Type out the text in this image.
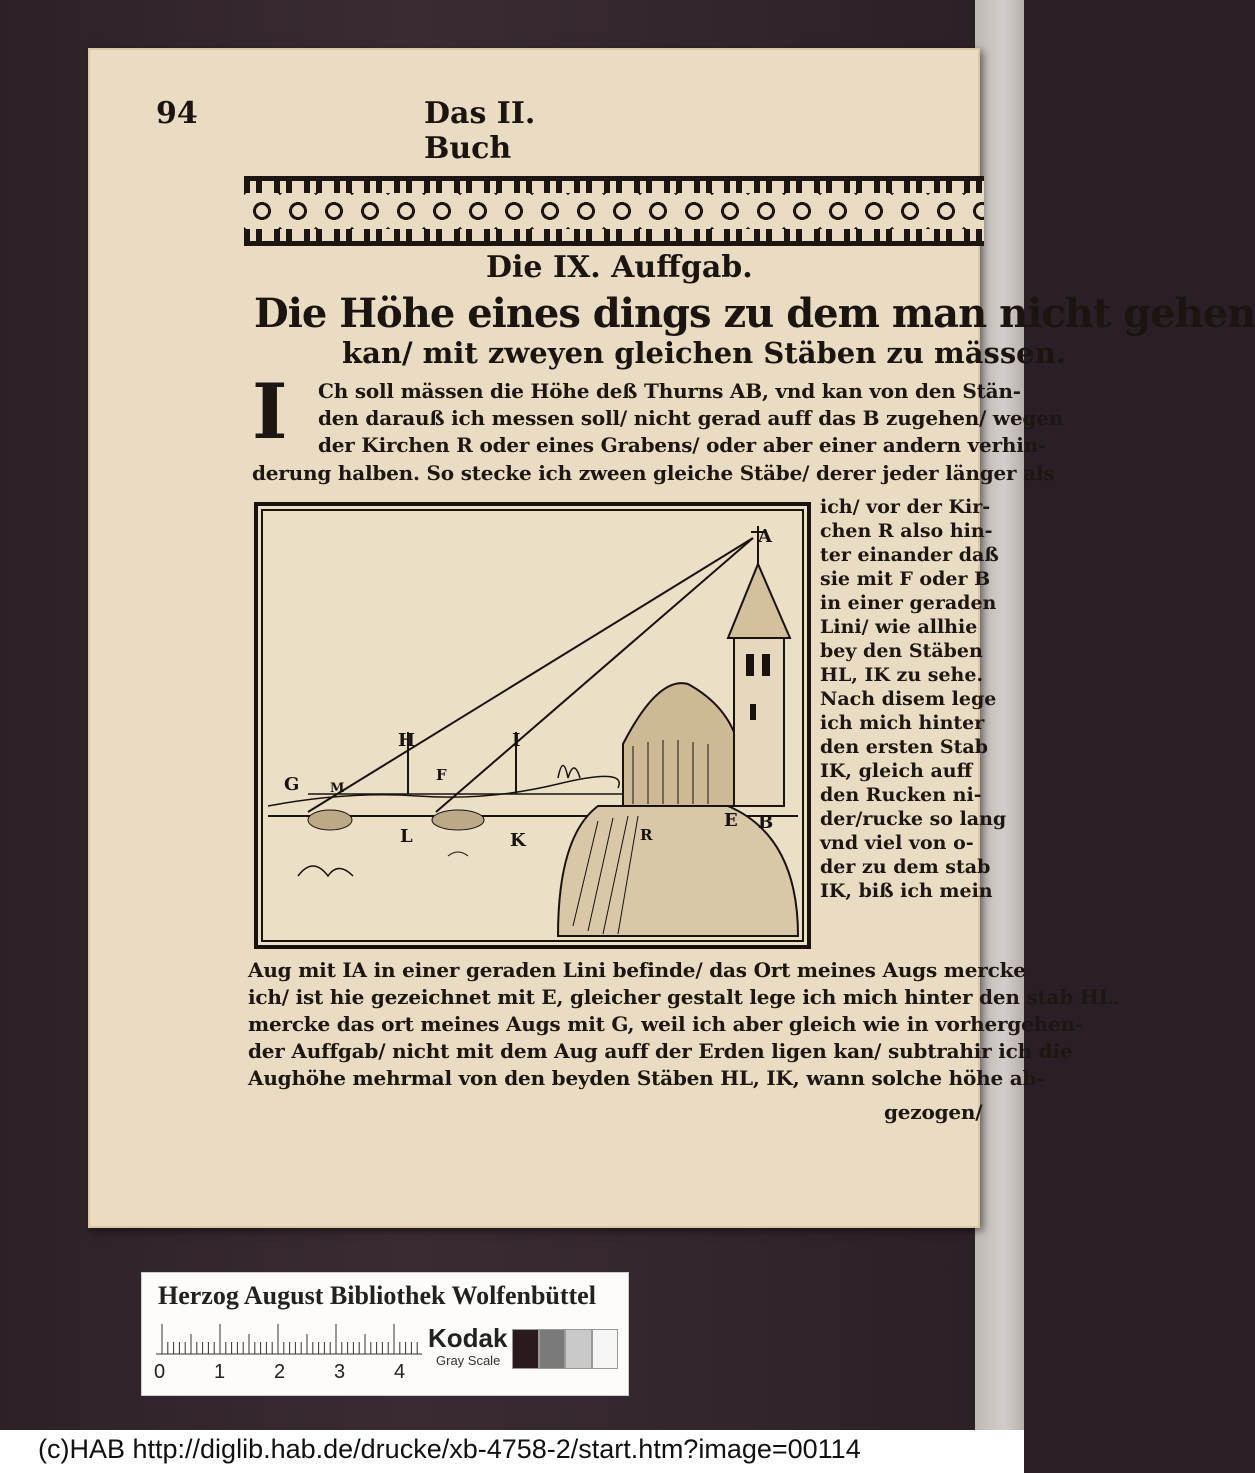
94	Das II. Buch
Die IX. Auffgab.
Die Höhe eines dings zu dem man nicht gehen
kan/ mit zweyen gleichen Stäben zu mässen.
I	Ch soll mässen die Höhe deß Thurns AB, vnd kan von den Stän-
den darauß ich messen soll/ nicht gerad auff das B zugehen/ wegen
der Kirchen R oder eines Grabens/ oder aber einer andern verhin-
derung halben. So stecke ich zween gleiche Stäbe/ derer jeder länger als
A
B
E
H	I
G M
L
F
K	R
ich/ vor der Kir-
chen R also hin-
ter einander daß
sie mit F oder B
in einer geraden
Lini/ wie allhie
bey den Stäben
HL, IK zu sehe.
Nach disem lege
ich mich hinter
den ersten Stab
IK, gleich auff
den Rucken ni-
der/rucke so lang
vnd viel von o-
der zu dem stab
IK, biß ich mein
Aug mit IA in einer geraden Lini befinde/ das Ort meines Augs mercke
ich/ ist hie gezeichnet mit E, gleicher gestalt lege ich mich hinter den stab HL.
mercke das ort meines Augs mit G, weil ich aber gleich wie in vorhergehen-
der Auffgab/ nicht mit dem Aug auff der Erden ligen kan/ subtrahir ich die
Aughöhe mehrmal von den beyden Stäben HL, IK, wann solche höhe ab-
gezogen/
Herzog August Bibliothek Wolfenbüttel
0 1 2 3 4
Kodak
Gray Scale
(c)HAB http://diglib.hab.de/drucke/xb-4758-2/start.htm?image=00114
